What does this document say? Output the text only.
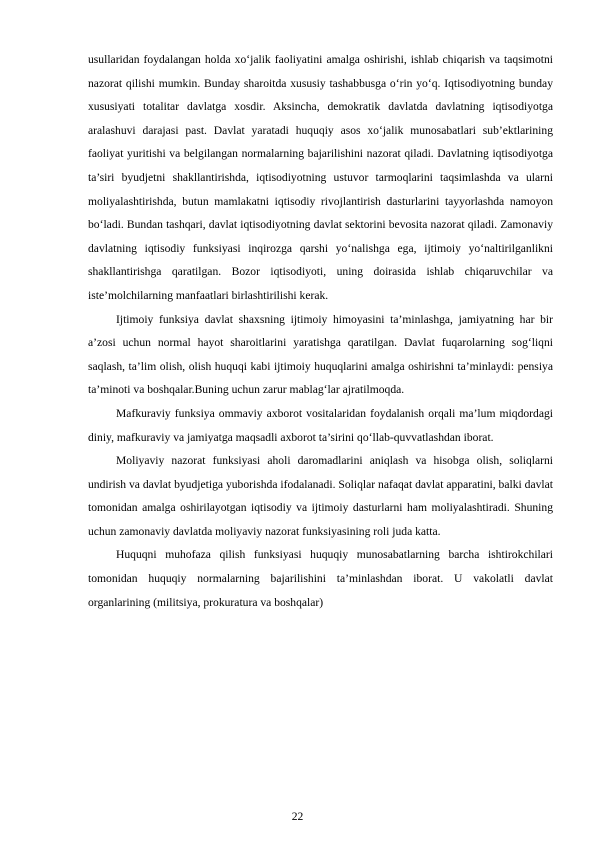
usullaridan foydalangan holda xo‘jalik faoliyatini amalga oshirishi, ishlab chiqarish va taqsimotni nazorat qilishi mumkin. Bunday sharoitda xususiy tashabbusga o‘rin yo‘q. Iqtisodiyotning bunday xususiyati totalitar davlatga xosdir. Aksincha, demokratik davlatda davlatning iqtisodiyotga aralashuvi darajasi past. Davlat yaratadi huquqiy asos xo‘jalik munosabatlari sub’ektlarining faoliyat yuritishi va belgilangan normalarning bajarilishini nazorat qiladi. Davlatning iqtisodiyotga ta’siri byudjetni shakllantirishda, iqtisodiyotning ustuvor tarmoqlarini taqsimlashda va ularni moliyalashtirishda, butun mamlakatni iqtisodiy rivojlantirish dasturlarini tayyorlashda namoyon bo‘ladi. Bundan tashqari, davlat iqtisodiyotning davlat sektorini bevosita nazorat qiladi. Zamonaviy davlatning iqtisodiy funksiyasi inqirozga qarshi yo‘nalishga ega, ijtimoiy yo‘naltirilganlikni shakllantirishga qaratilgan. Bozor iqtisodiyoti, uning doirasida ishlab chiqaruvchilar va iste’molchilarning manfaatlari birlashtirilishi kerak.

Ijtimoiy funksiya davlat shaxsning ijtimoiy himoyasini ta’minlashga, jamiyatning har bir a’zosi uchun normal hayot sharoitlarini yaratishga qaratilgan. Davlat fuqarolarning sog‘liqni saqlash, ta’lim olish, olish huquqi kabi ijtimoiy huquqlarini amalga oshirishni ta’minlaydi: pensiya ta’minoti va boshqalar.Buning uchun zarur mablag‘lar ajratilmoqda.

Mafkuraviy funksiya ommaviy axborot vositalaridan foydalanish orqali ma’lum miqdordagi diniy, mafkuraviy va jamiyatga maqsadli axborot ta’sirini qo‘llab-quvvatlashdan iborat.

Moliyaviy nazorat funksiyasi aholi daromadlarini aniqlash va hisobga olish, soliqlarni undirish va davlat byudjetiga yuborishda ifodalanadi. Soliqlar nafaqat davlat apparatini, balki davlat tomonidan amalga oshirilayotgan iqtisodiy va ijtimoiy dasturlarni ham moliyalashtiradi. Shuning uchun zamonaviy davlatda moliyaviy nazorat funksiyasining roli juda katta.

Huquqni muhofaza qilish funksiyasi huquqiy munosabatlarning barcha ishtirokchilari tomonidan huquqiy normalarning bajarilishini ta’minlashdan iborat. U vakolatli davlat organlarining (militsiya, prokuratura va boshqalar)

22
